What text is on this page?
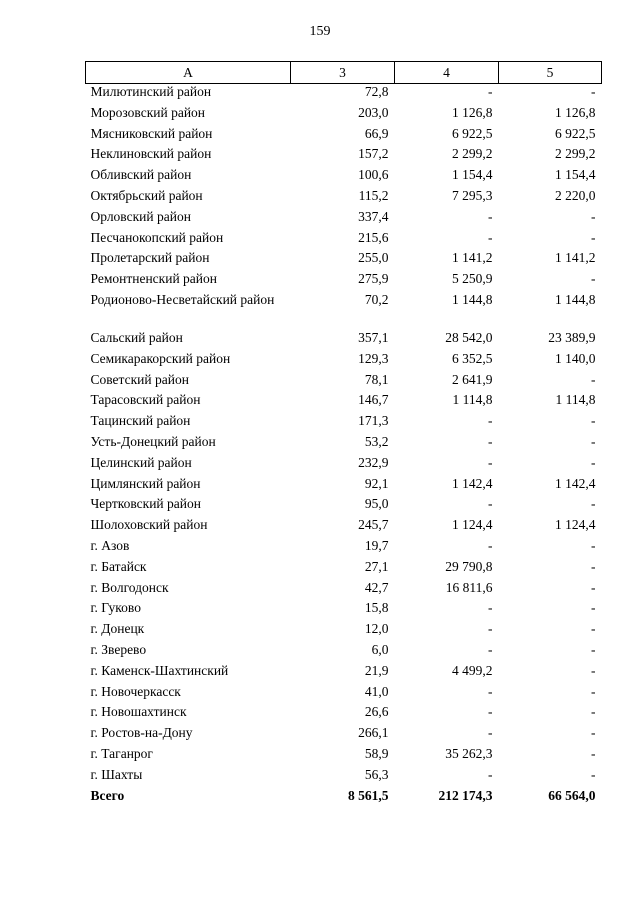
159
А	3	4	5
Милютинский район	72,8	-	-
Морозовский район	203,0	1 126,8	1 126,8
Мясниковский район	66,9	6 922,5	6 922,5
Неклиновский район	157,2	2 299,2	2 299,2
Обливский район	100,6	1 154,4	1 154,4
Октябрьский район	115,2	7 295,3	2 220,0
Орловский район	337,4	-	-
Песчанокопский район	215,6	-	-
Пролетарский район	255,0	1 141,2	1 141,2
Ремонтненский район	275,9	5 250,9	-
Родионово-Несветайский район	70,2	1 144,8	1 144,8
Сальский район	357,1	28 542,0	23 389,9
Семикаракорский район	129,3	6 352,5	1 140,0
Советский район	78,1	2 641,9	-
Тарасовский район	146,7	1 114,8	1 114,8
Тацинский район	171,3	-	-
Усть-Донецкий район	53,2	-	-
Целинский район	232,9	-	-
Цимлянский район	92,1	1 142,4	1 142,4
Чертковский район	95,0	-	-
Шолоховский район	245,7	1 124,4	1 124,4
г. Азов	19,7	-	-
г. Батайск	27,1	29 790,8	-
г. Волгодонск	42,7	16 811,6	-
г. Гуково	15,8	-	-
г. Донецк	12,0	-	-
г. Зверево	6,0	-	-
г. Каменск-Шахтинский	21,9	4 499,2	-
г. Новочеркасск	41,0	-	-
г. Новошахтинск	26,6	-	-
г. Ростов-на-Дону	266,1	-	-
г. Таганрог	58,9	35 262,3	-
г. Шахты	56,3	-	-
Всего	8 561,5	212 174,3	66 564,0
